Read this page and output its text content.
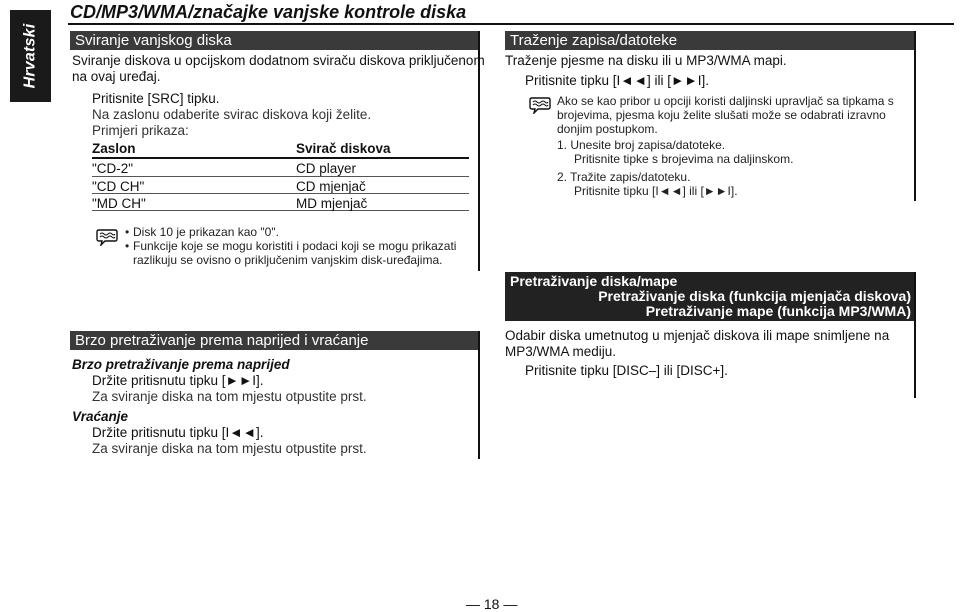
Hrvatski
CD/MP3/WMA/značajke vanjske kontrole diska
Sviranje vanjskog diska
Sviranje diskova u opcijskom dodatnom sviraču diskova priključenom
na ovaj uređaj.
Pritisnite [SRC] tipku.
Na zaslonu odaberite svirac diskova koji želite.
Primjeri prikaza:
Zaslon	Svirač diskova
"CD-2"	CD player
"CD CH"	CD mjenjač
"MD CH"	MD mjenjač
• Disk 10 je prikazan kao "0".
• Funkcije koje se mogu koristiti i podaci koji se mogu prikazati
razlikuju se ovisno o priključenim vanjskim disk-uređajima.
Brzo pretraživanje prema naprijed i vraćanje
Brzo pretraživanje prema naprijed
Držite pritisnutu tipku [►►I].
Za sviranje diska na tom mjestu otpustite prst.
Vraćanje
Držite pritisnutu tipku [I◄◄].
Za sviranje diska na tom mjestu otpustite prst.
Traženje zapisa/datoteke
Traženje pjesme na disku ili u MP3/WMA mapi.
Pritisnite tipku [I◄◄] ili [►►I].
Ako se kao pribor u opciji koristi daljinski upravljač sa tipkama s
brojevima, pjesma koju želite slušati može se odabrati izravno
donjim postupkom.
1. Unesite broj zapisa/datoteke.
Pritisnite tipke s brojevima na daljinskom.
2. Tražite zapis/datoteku.
Pritisnite tipku [I◄◄] ili [►►I].
Pretraživanje diska/mape
Pretraživanje diska (funkcija mjenjača diskova)
Pretraživanje mape (funkcija MP3/WMA)
Odabir diska umetnutog u mjenjač diskova ili mape snimljene na
MP3/WMA mediju.
Pritisnite tipku [DISC–] ili [DISC+].
— 18 —
